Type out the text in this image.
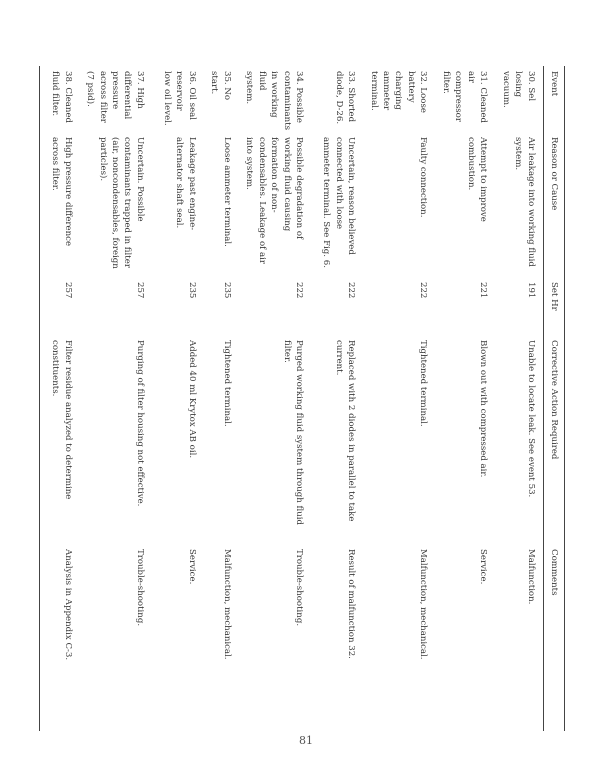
Event	Reason or Cause	Set Hr	Corrective Action Required	Comments
30. Sel losing vacuum.	Air leakage into working fluid system.	191	Unable to locate leak. See event 53.	Malfunction.
31. Cleaned air compressor filter.	Attempt to improve combustion.	221	Blown out with compressed air.	Service.
32. Loose battery charging ammeter terminal.	Faulty connection.	222	Tightened terminal.	Malfunction, mechanical.
33. Shorted diode, D-26.	Uncertain, reason believed connected with loose ammeter terminal. See Fig. 6.	222	Replaced with 2 diodes in parallel to take current.	Result of malfunction 32.
34. Possible contaminants in working fluid system.	Possible degradation of working fluid causing formation of non-condensables. Leakage of air into system.	222	Purged working fluid system through fluid filter.	Trouble-shooting.
35. No start.	Loose ammeter terminal.	235	Tightened terminal.	Malfunction, mechanical.
36. Oil seal reservoir low oil level.	Leakage past engine-alternator shaft seal.	235	Added 40 ml Krytox AB oil.	Service.
37. High differential pressure across filter (7 psid).	Uncertain. Possible contaminants trapped in filter (air, noncondensables, foreign particles).	257	Purging of filter housing not effective.	Trouble-shooting.
38. Cleaned fluid filter.	High pressure difference across filter.	257	Filter residue analyzed to determine constituents.	Analysis in Appendix C-3.
81
